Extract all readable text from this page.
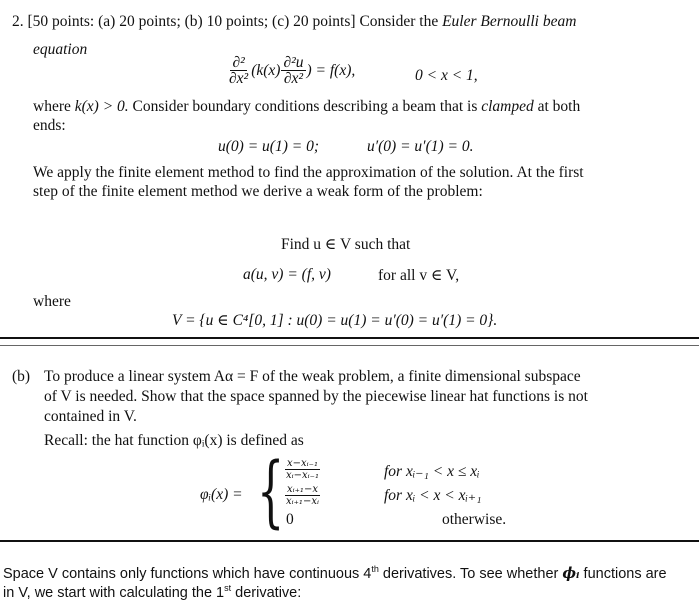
2. [50 points: (a) 20 points; (b) 10 points; (c) 20 points] Consider the Euler Bernoulli beam
equation
$\frac{\text{∂²}}{\text{∂x²}} (k(x) \frac{\text{∂²u}}{\text{∂x²}}$ ) = f(x),	0 < x < 1,
where k(x) > 0. Consider boundary conditions describing a beam that is clamped at both
ends:
u(0) = u(1) = 0;	u′(0) = u′(1) = 0.
We apply the finite element method to find the approximation of the solution. At the first
step of the finite element method we derive a weak form of the problem:
Find u ∈ V such that
a(u, v) = (f, v)	for all v ∈ V,
where
V = {u ∈ C⁴[0, 1] : u(0) = u(1) = u′(0) = u′(1) = 0}.
(b) To produce a linear system Aα = F of the weak problem, a finite dimensional subspace
of V is needed. Show that the space spanned by the piecewise linear hat functions is not
contained in V.
Recall: the hat function φᵢ(x) is defined as
φᵢ(x) = { $\frac{\text{x−xᵢ₋₁}}{\text{xᵢ−xᵢ₋₁}}$	for xᵢ₋₁ < x ≤ xᵢ
$\frac{\text{xᵢ₊₁−x}}{\text{xᵢ₊₁−xᵢ}}$	for xᵢ < x < xᵢ₊₁
0	otherwise.
Space V contains only functions which have continuous 4th derivatives. To see whether ϕᵢ functions are
in V, we start with calculating the 1st derivative:
